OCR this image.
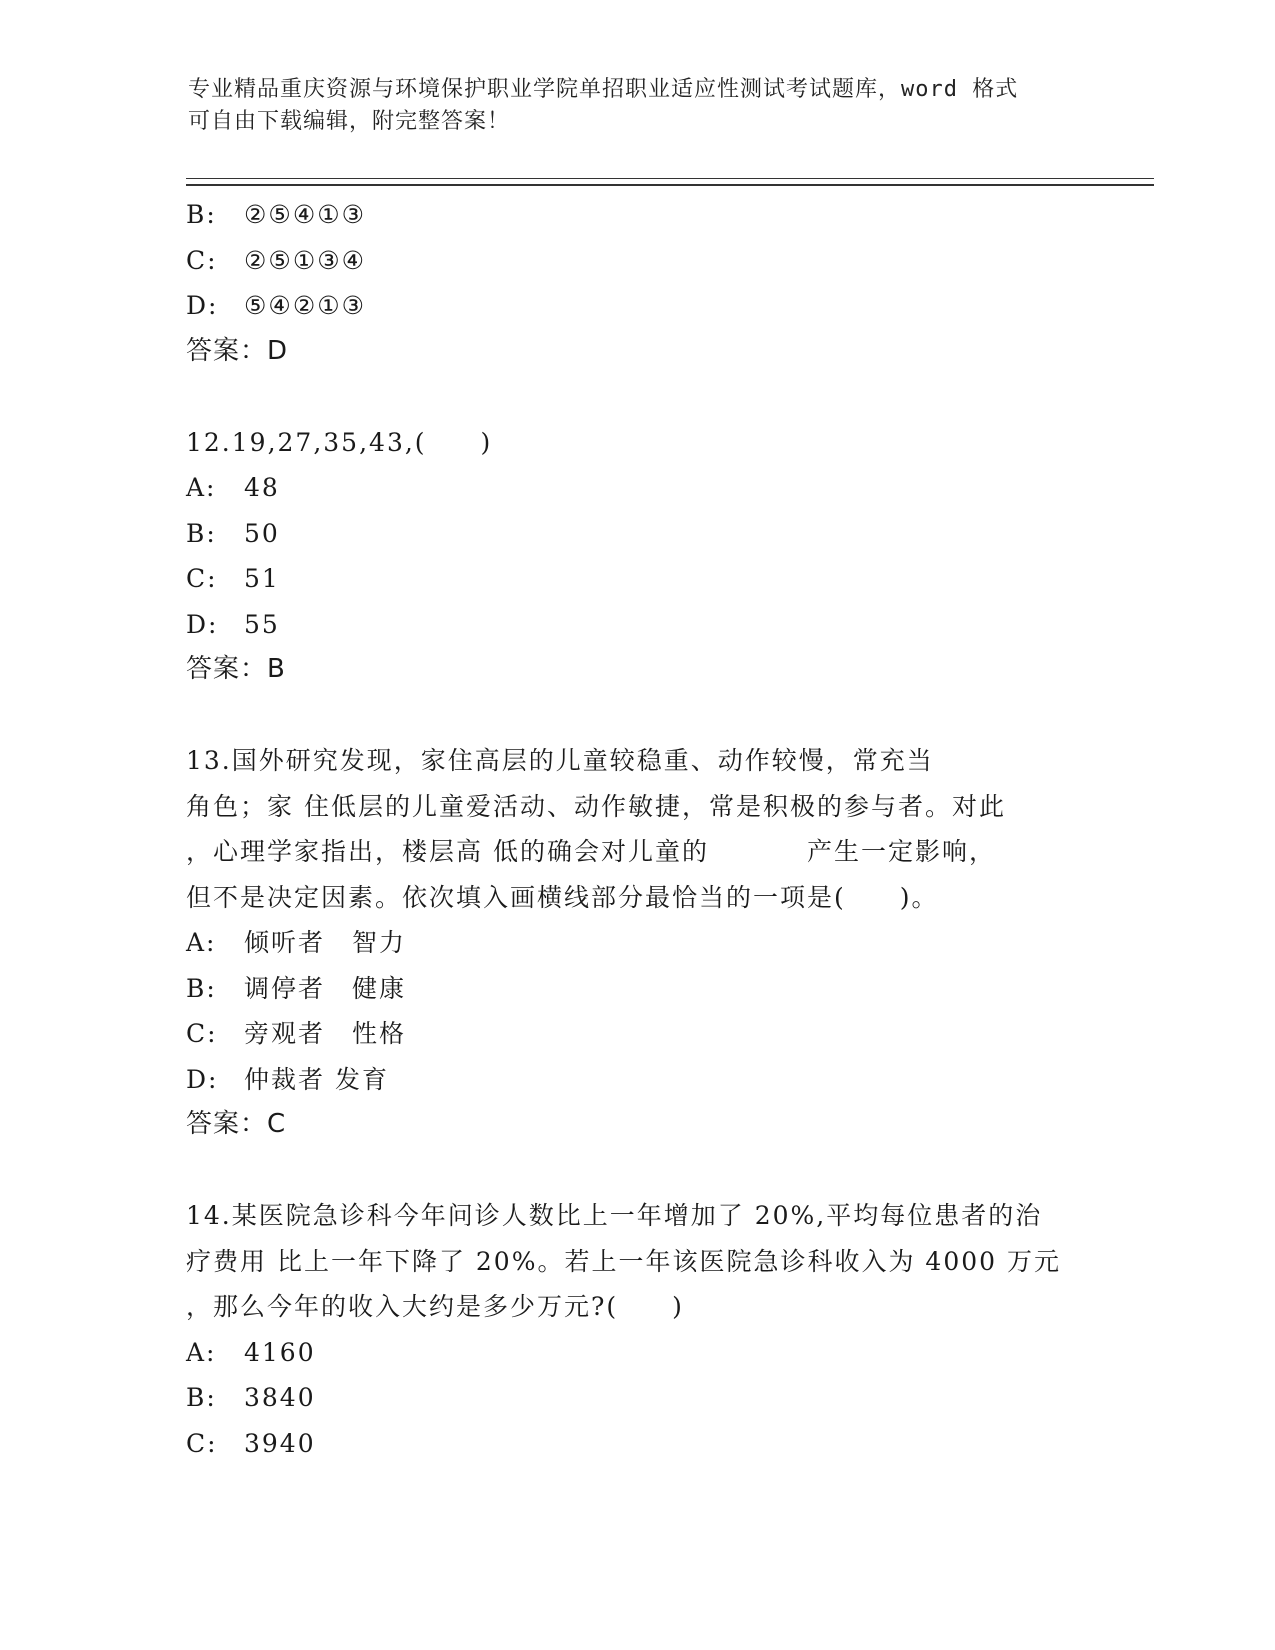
专业精品重庆资源与环境保护职业学院单招职业适应性测试考试题库，word 格式
可自由下载编辑，附完整答案！
B: ②⑤④①③
C: ②⑤①③④
D: ⑤④②①③
答案：D
12.19,27,35,43,(　　)
A: 48
B: 50
C: 51
D: 55
答案：B
13.国外研究发现，家住高层的儿童较稳重、动作较慢，常充当
角色；家 住低层的儿童爱活动、动作敏捷，常是积极的参与者。对此
，心理学家指出，楼层高 低的确会对儿童的	产生一定影响，
但不是决定因素。依次填入画横线部分最恰当的一项是(　　)。
A: 倾听者　智力
B: 调停者　健康
C: 旁观者　性格
D: 仲裁者 发育
答案：C
14.某医院急诊科今年问诊人数比上一年增加了 20%,平均每位患者的治
疗费用 比上一年下降了 20%。若上一年该医院急诊科收入为 4000 万元
，那么今年的收入大约是多少万元?(　　)
A: 4160
B: 3840
C: 3940
